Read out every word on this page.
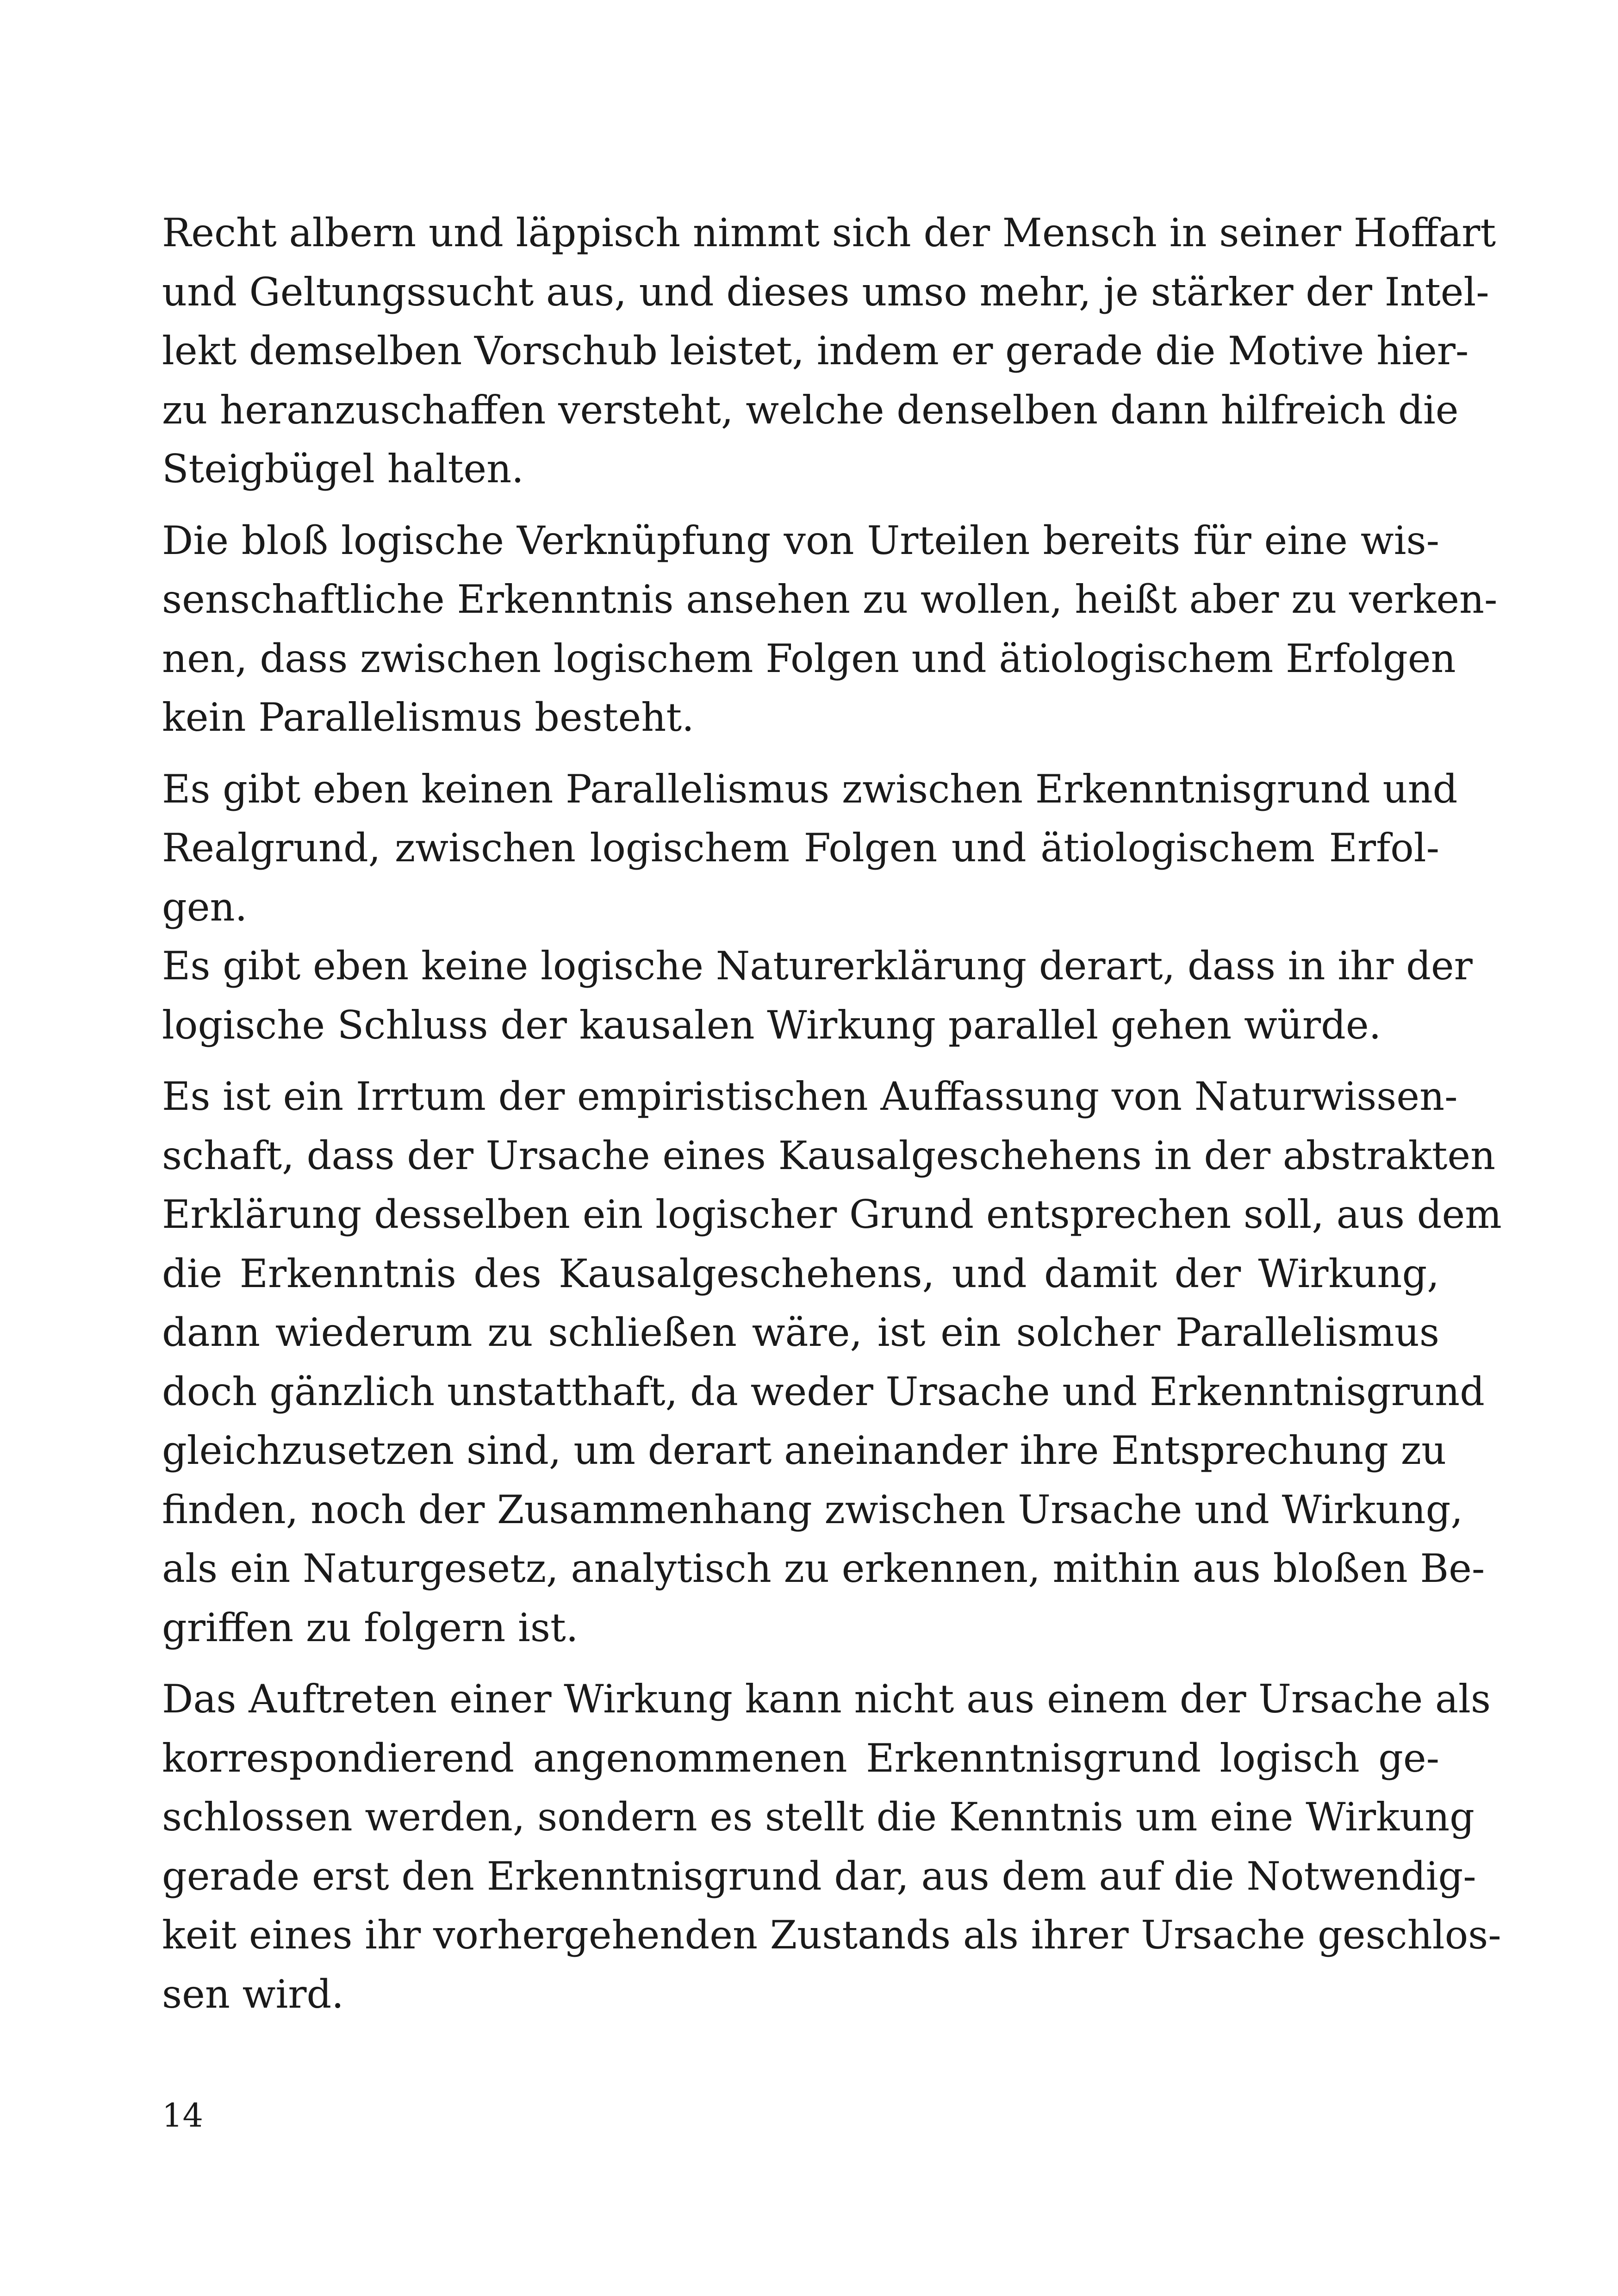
Recht albern und läppisch nimmt sich der Mensch in seiner Hoffart
und Geltungssucht aus, und dieses umso mehr, je stärker der Intel-
lekt demselben Vorschub leistet, indem er gerade die Motive hier-
zu heranzuschaffen versteht, welche denselben dann hilfreich die
Steigbügel halten.
Die bloß logische Verknüpfung von Urteilen bereits für eine wis-
senschaftliche Erkenntnis ansehen zu wollen, heißt aber zu verken-
nen, dass zwischen logischem Folgen und ätiologischem Erfolgen
kein Parallelismus besteht.
Es gibt eben keinen Parallelismus zwischen Erkenntnisgrund und
Realgrund, zwischen logischem Folgen und ätiologischem Erfol-
gen.
Es gibt eben keine logische Naturerklärung derart, dass in ihr der
logische Schluss der kausalen Wirkung parallel gehen würde.
Es ist ein Irrtum der empiristischen Auffassung von Naturwissen-
schaft, dass der Ursache eines Kausalgeschehens in der abstrakten
Erklärung desselben ein logischer Grund entsprechen soll, aus dem
die Erkenntnis des Kausalgeschehens, und damit der Wirkung,
dann wiederum zu schließen wäre, ist ein solcher Parallelismus
doch gänzlich unstatthaft, da weder Ursache und Erkenntnisgrund
gleichzusetzen sind, um derart aneinander ihre Entsprechung zu
finden, noch der Zusammenhang zwischen Ursache und Wirkung,
als ein Naturgesetz, analytisch zu erkennen, mithin aus bloßen Be-
griffen zu folgern ist.
Das Auftreten einer Wirkung kann nicht aus einem der Ursache als
korrespondierend angenommenen Erkenntnisgrund logisch ge-
schlossen werden, sondern es stellt die Kenntnis um eine Wirkung
gerade erst den Erkenntnisgrund dar, aus dem auf die Notwendig-
keit eines ihr vorhergehenden Zustands als ihrer Ursache geschlos-
sen wird.
14
